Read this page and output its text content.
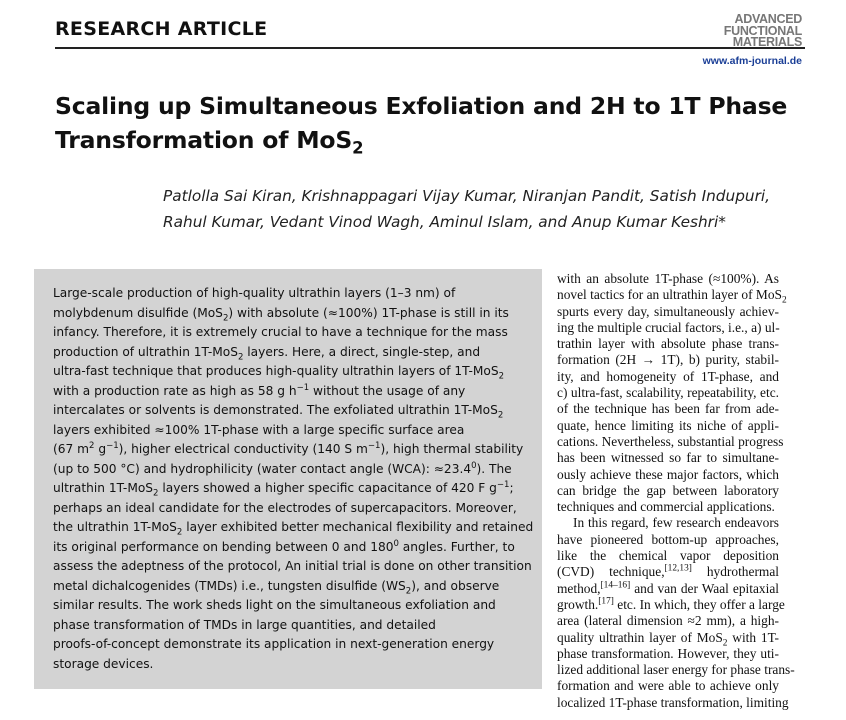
RESEARCH ARTICLE	ADVANCED
FUNCTIONAL
MATERIALS
www.afm-journal.de
Scaling up Simultaneous Exfoliation and 2H to 1T Phase
Transformation of MoS$_2$
Patlolla Sai Kiran, Krishnappagari Vijay Kumar, Niranjan Pandit, Satish Indupuri,
Rahul Kumar, Vedant Vinod Wagh, Aminul Islam, and Anup Kumar Keshri*
Large-scale production of high-quality ultrathin layers (1–3 nm) of
molybdenum disulfide (MoS$_2$) with absolute (≈100%) 1T-phase is still in its
infancy. Therefore, it is extremely crucial to have a technique for the mass
production of ultrathin 1T-MoS$_2$ layers. Here, a direct, single-step, and
ultra-fast technique that produces high-quality ultrathin layers of 1T-MoS$_2$
with a production rate as high as 58 g $h^{-1}$ without the usage of any
intercalates or solvents is demonstrated. The exfoliated ultrathin 1T-MoS$_2$
layers exhibited ≈100% 1T-phase with a large specific surface area
(67 $m^2$ $g^{-1}$), higher electrical conductivity (140 S $m^{-1}$), high thermal stability
(up to 500 °C) and hydrophilicity (water contact angle (WCA): $\approx 23.4^0$). The
ultrathin 1T-MoS$_2$ layers showed a higher specific capacitance of 420 F $g^{-1}$;
perhaps an ideal candidate for the electrodes of supercapacitors. Moreover,
the ultrathin 1T-MoS$_2$ layer exhibited better mechanical flexibility and retained
its original performance on bending between 0 and $180^0$ angles. Further, to
assess the adeptness of the protocol, An initial trial is done on other transition
metal dichalcogenides (TMDs) i.e., tungsten disulfide $(WS_2)$, and observe
similar results. The work sheds light on the simultaneous exfoliation and
phase transformation of TMDs in large quantities, and detailed
proofs-of-concept demonstrate its application in next-generation energy
storage devices.
with an absolute 1T-phase (≈100%). As
novel tactics for an ultrathin layer of MoS$_2$
spurts every day, simultaneously achiev-
ing the multiple crucial factors, i.e., a) ul-
trathin layer with absolute phase trans-
formation (2H → 1T), b) purity, stabil-
ity, and homogeneity of 1T-phase, and
c) ultra-fast, scalability, repeatability, etc.
of the technique has been far from ade-
quate, hence limiting its niche of appli-
cations. Nevertheless, substantial progress
has been witnessed so far to simultane-
ously achieve these major factors, which
can bridge the gap between laboratory
techniques and commercial applications.
In this regard, few research endeavors
have pioneered bottom-up approaches,
like the chemical vapor deposition
(CVD) technique,[12,13] hydrothermal
method,[14–16] and van der Waal epitaxial
growth.[17] etc. In which, they offer a large
area (lateral dimension ≈2 mm), a high-
quality ultrathin layer of MoS$_2$ with 1T-
phase transformation. However, they uti-
lized additional laser energy for phase trans-
formation and were able to achieve only
localized 1T-phase transformation, limiting
